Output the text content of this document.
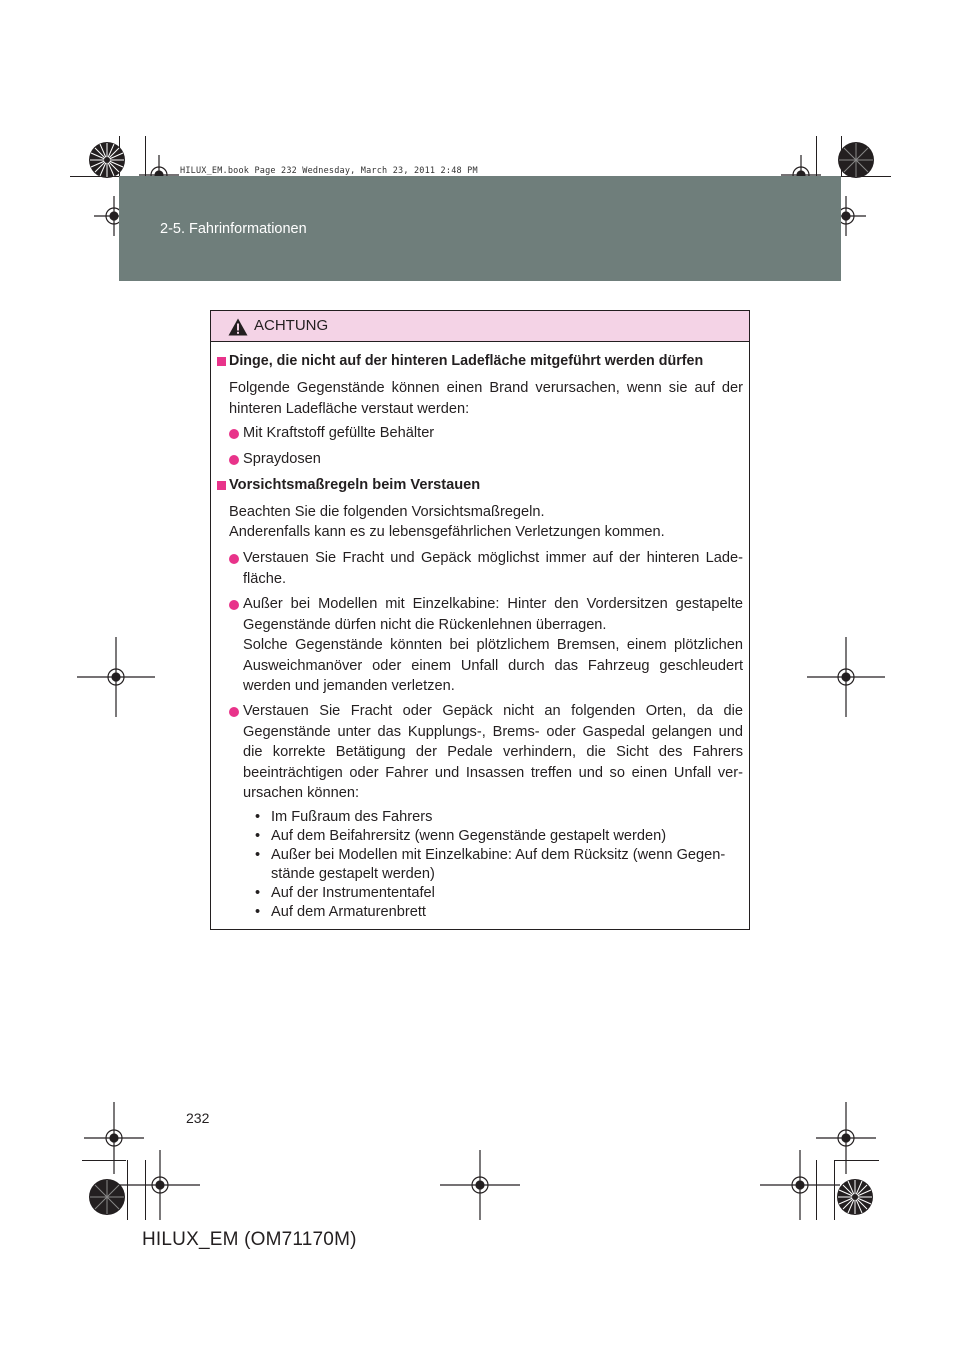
2-5. Fahrinformationen
HILUX_EM.book Page 232 Wednesday, March 23, 2011 2:48 PM
ACHTUNG
Dinge, die nicht auf der hinteren Ladefläche mitgeführt werden dürfen
Folgende Gegenstände können einen Brand verursachen, wenn sie auf der hinteren Ladefläche verstaut werden:
Mit Kraftstoff gefüllte Behälter
Spraydosen
Vorsichtsmaßregeln beim Verstauen
Beachten Sie die folgenden Vorsichtsmaßregeln.
Anderenfalls kann es zu lebensgefährlichen Verletzungen kommen.
Verstauen Sie Fracht und Gepäck möglichst immer auf der hinteren Lade-fläche.
Außer bei Modellen mit Einzelkabine: Hinter den Vordersitzen gestapelte Gegenstände dürfen nicht die Rückenlehnen überragen.
Solche Gegenstände könnten bei plötzlichem Bremsen, einem plötzlichen Ausweichmanöver oder einem Unfall durch das Fahrzeug geschleudert werden und jemanden verletzen.
Verstauen Sie Fracht oder Gepäck nicht an folgenden Orten, da die Gegenstände unter das Kupplungs-, Brems- oder Gaspedal gelangen und die korrekte Betätigung der Pedale verhindern, die Sicht des Fahrers beeinträchtigen oder Fahrer und Insassen treffen und so einen Unfall ver-ursachen können:
• Im Fußraum des Fahrers
• Auf dem Beifahrersitz (wenn Gegenstände gestapelt werden)
• Außer bei Modellen mit Einzelkabine: Auf dem Rücksitz (wenn Gegen-
stände gestapelt werden)
• Auf der Instrumententafel
• Auf dem Armaturenbrett
232
HILUX_EM (OM71170M)
